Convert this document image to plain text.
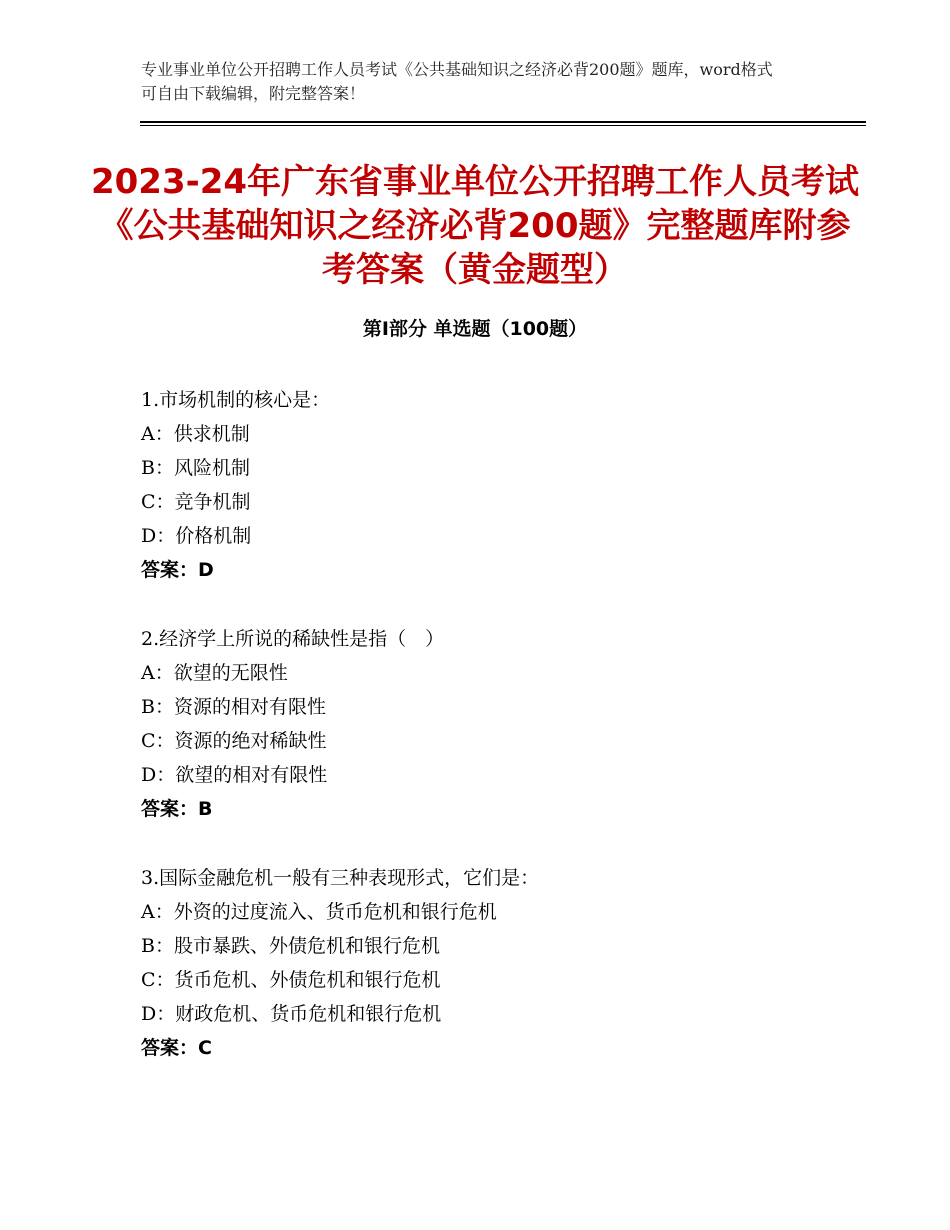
专业事业单位公开招聘工作人员考试《公共基础知识之经济必背200题》题库，word格式可自由下载编辑，附完整答案！
2023-24年广东省事业单位公开招聘工作人员考试《公共基础知识之经济必背200题》完整题库附参考答案（黄金题型）
第Ⅰ部分 单选题（100题）
1.市场机制的核心是：
A：供求机制
B：风险机制
C：竞争机制
D：价格机制
答案：D
2.经济学上所说的稀缺性是指（　）
A：欲望的无限性
B：资源的相对有限性
C：资源的绝对稀缺性
D：欲望的相对有限性
答案：B
3.国际金融危机一般有三种表现形式，它们是：
A：外资的过度流入、货币危机和银行危机
B：股市暴跌、外债危机和银行危机
C：货币危机、外债危机和银行危机
D：财政危机、货币危机和银行危机
答案：C
